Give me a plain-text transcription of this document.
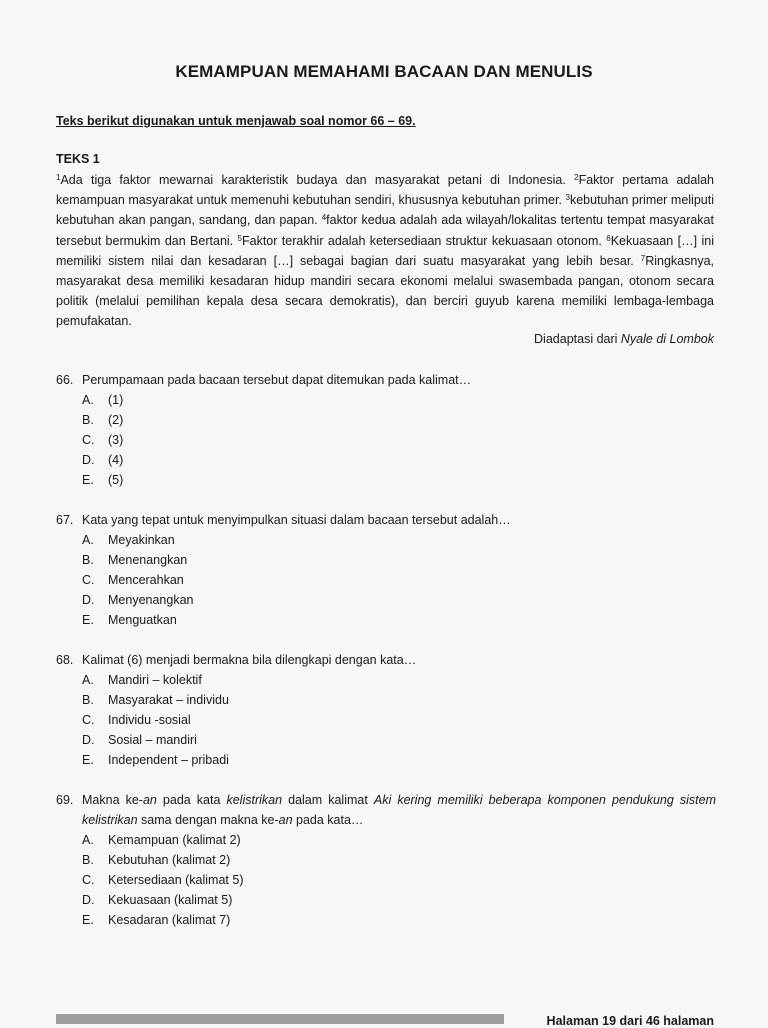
KEMAMPUAN MEMAHAMI BACAAN DAN MENULIS
Teks berikut digunakan untuk menjawab soal nomor 66 – 69.
TEKS 1

$^1$Ada tiga faktor mewarnai karakteristik budaya dan masyarakat petani di Indonesia. $^2$Faktor pertama adalah kemampuan masyarakat untuk memenuhi kebutuhan sendiri, khususnya kebutuhan primer. $^3$kebutuhan primer meliputi kebutuhan akan pangan, sandang, dan papan. $^4$faktor kedua adalah ada wilayah/lokalitas tertentu tempat masyarakat tersebut bermukim dan Bertani. $^5$Faktor terakhir adalah ketersediaan struktur kekuasaan otonom. $^6$Kekuasaan […] ini memiliki sistem nilai dan kesadaran […] sebagai bagian dari suatu masyarakat yang lebih besar. $^7$Ringkasnya, masyarakat desa memiliki kesadaran hidup mandiri secara ekonomi melalui swasembada pangan, otonom secara politik (melalui pemilihan kepala desa secara demokratis), dan berciri guyub karena memiliki lembaga-lembaga pemufakatan.

Diadaptasi dari Nyale di Lombok
66. Perumpamaan pada bacaan tersebut dapat ditemukan pada kalimat…
A.	(1)
B.	(2)
C.	(3)
D.	(4)
E.	(5)
67. Kata yang tepat untuk menyimpulkan situasi dalam bacaan tersebut adalah…
A.	Meyakinkan
B.	Menenangkan
C.	Mencerahkan
D.	Menyenangkan
E.	Menguatkan
68. Kalimat (6) menjadi bermakna bila dilengkapi dengan kata…
A.	Mandiri – kolektif
B.	Masyarakat – individu
C.	Individu -sosial
D.	Sosial – mandiri
E.	Independent – pribadi
69. Makna ke-an pada kata kelistrikan dalam kalimat Aki kering memiliki beberapa komponen pendukung sistem kelistrikan sama dengan makna ke-an pada kata…
A.	Kemampuan (kalimat 2)
B.	Kebutuhan (kalimat 2)
C.	Ketersediaan (kalimat 5)
D.	Kekuasaan (kalimat 5)
E.	Kesadaran (kalimat 7)
Halaman 19 dari 46 halaman
